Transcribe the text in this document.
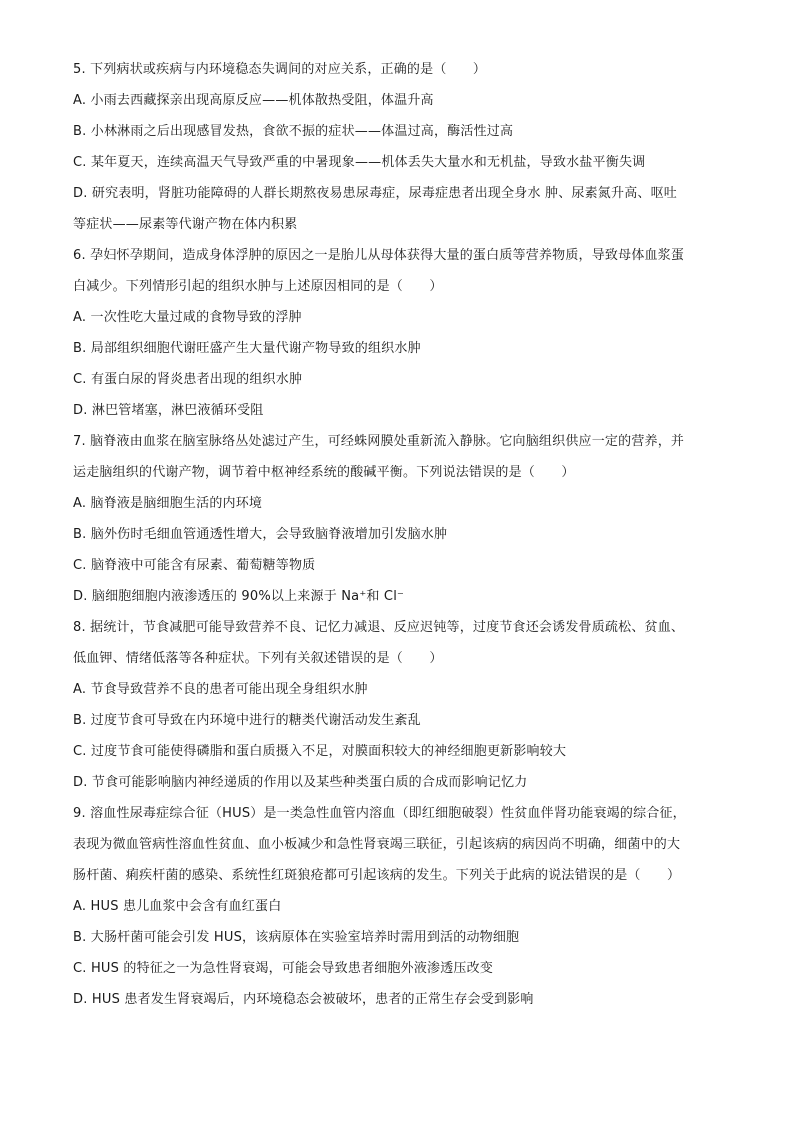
5. 下列病状或疾病与内环境稳态失调间的对应关系，正确的是（　　）
A. 小雨去西藏探亲出现高原反应——机体散热受阻，体温升高
B. 小林淋雨之后出现感冒发热，食欲不振的症状——体温过高，酶活性过高
C. 某年夏天，连续高温天气导致严重的中暑现象——机体丢失大量水和无机盐，导致水盐平衡失调
D. 研究表明，肾脏功能障碍的人群长期熬夜易患尿毒症，尿毒症患者出现全身水 肿、尿素氮升高、呕吐
等症状——尿素等代谢产物在体内积累
6. 孕妇怀孕期间，造成身体浮肿的原因之一是胎儿从母体获得大量的蛋白质等营养物质，导致母体血浆蛋
白减少。下列情形引起的组织水肿与上述原因相同的是（　　）
A. 一次性吃大量过咸的食物导致的浮肿
B. 局部组织细胞代谢旺盛产生大量代谢产物导致的组织水肿
C. 有蛋白尿的肾炎患者出现的组织水肿
D. 淋巴管堵塞，淋巴液循环受阻
7. 脑脊液由血浆在脑室脉络丛处滤过产生，可经蛛网膜处重新流入静脉。它向脑组织供应一定的营养，并
运走脑组织的代谢产物，调节着中枢神经系统的酸碱平衡。下列说法错误的是（　　）
A. 脑脊液是脑细胞生活的内环境
B. 脑外伤时毛细血管通透性增大，会导致脑脊液增加引发脑水肿
C. 脑脊液中可能含有尿素、葡萄糖等物质
D. 脑细胞细胞内液渗透压的 90%以上来源于 Na⁺和 Cl⁻
8. 据统计，节食减肥可能导致营养不良、记忆力减退、反应迟钝等，过度节食还会诱发骨质疏松、贫血、
低血钾、情绪低落等各种症状。下列有关叙述错误的是（　　）
A. 节食导致营养不良的患者可能出现全身组织水肿
B. 过度节食可导致在内环境中进行的糖类代谢活动发生紊乱
C. 过度节食可能使得磷脂和蛋白质摄入不足，对膜面积较大的神经细胞更新影响较大
D. 节食可能影响脑内神经递质的作用以及某些种类蛋白质的合成而影响记忆力
9. 溶血性尿毒症综合征（HUS）是一类急性血管内溶血（即红细胞破裂）性贫血伴肾功能衰竭的综合征，
表现为微血管病性溶血性贫血、血小板减少和急性肾衰竭三联征，引起该病的病因尚不明确，细菌中的大
肠杆菌、痢疾杆菌的感染、系统性红斑狼疮都可引起该病的发生。下列关于此病的说法错误的是（　　）
A. HUS 患儿血浆中会含有血红蛋白
B. 大肠杆菌可能会引发 HUS，该病原体在实验室培养时需用到活的动物细胞
C. HUS 的特征之一为急性肾衰竭，可能会导致患者细胞外液渗透压改变
D. HUS 患者发生肾衰竭后，内环境稳态会被破坏，患者的正常生存会受到影响
